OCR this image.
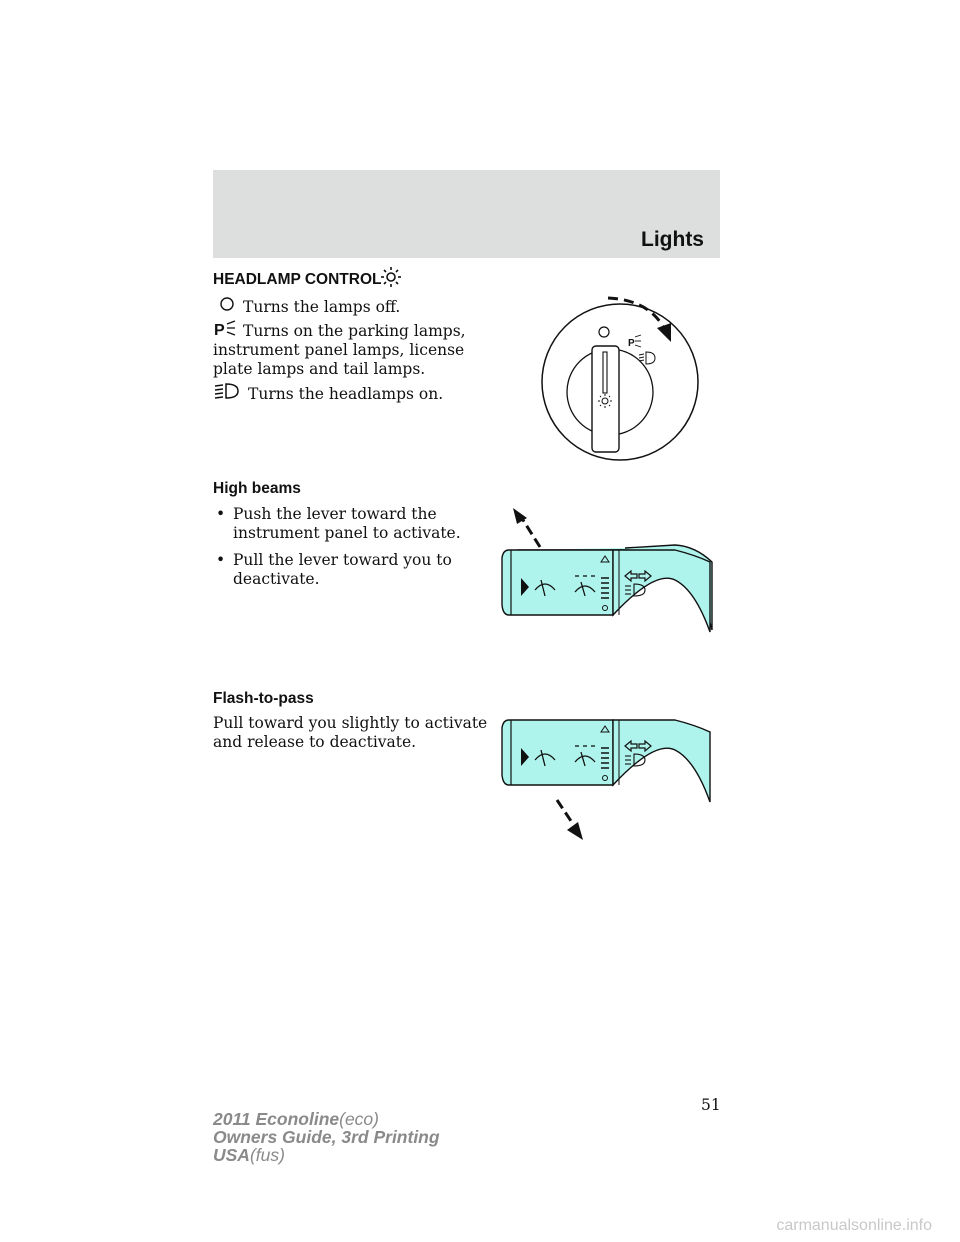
Lights
HEADLAMP CONTROL
Turns the lamps off.
P Turns on the parking lamps,
instrument panel lamps, license
plate lamps and tail lamps.
Turns the headlamps on.
P
High beams
• Push the lever toward the
instrument panel to activate.
• Pull the lever toward you to
deactivate.
Flash-to-pass
Pull toward you slightly to activate
and release to deactivate.
51
2011 Econoline(eco)
Owners Guide, 3rd Printing
USA(fus)
carmanualsonline.info
